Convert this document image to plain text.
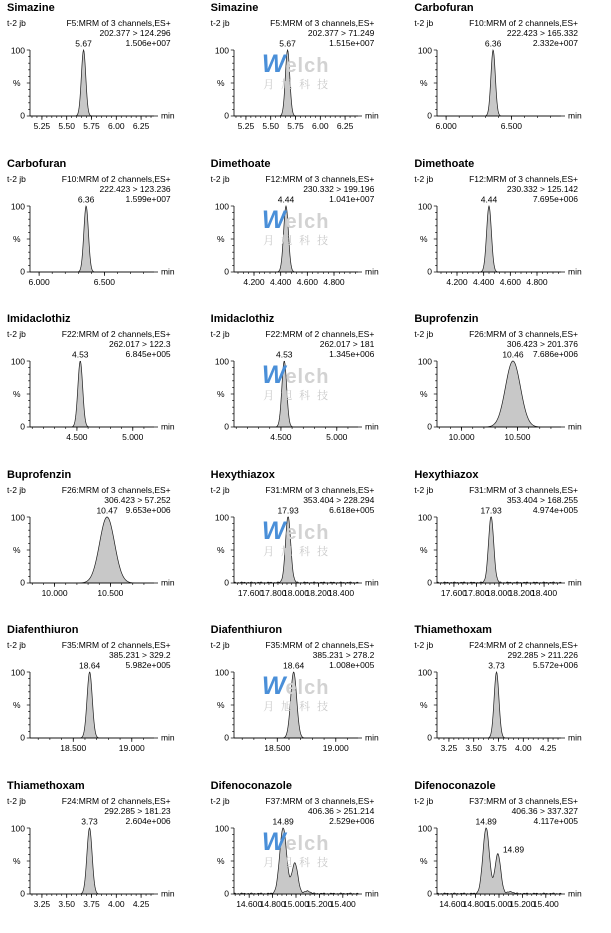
Simazine
t-2 jb	F5:MRM of 3 channels,ES+
202.377 > 124.296
1.506e+007
100
0
%
5.25 5.50 5.75 6.00 6.25
min
5.67
Simazine
t-2 jb	F5:MRM of 3 channels,ES+
202.377 > 71.249
1.515e+007
100
0
%
5.25 5.50 5.75 6.00 6.25
min
5.67
Welch
月旭科技
Carbofuran
t-2 jb	F10:MRM of 2 channels,ES+
222.423 > 165.332
2.332e+007
100
0
%
6.000	6.500
min
6.36
Carbofuran
t-2 jb	F10:MRM of 2 channels,ES+
222.423 > 123.236
1.599e+007
100
0
%
6.000	6.500
min
6.36
Dimethoate
t-2 jb	F12:MRM of 3 channels,ES+
230.332 > 199.196
1.041e+007
100
0
%
4.200 4.400 4.600 4.800
min
4.44
Welch
月旭科技
Dimethoate
t-2 jb	F12:MRM of 3 channels,ES+
230.332 > 125.142
7.695e+006
100
0
%
4.200 4.400 4.600 4.800
min
4.44
Imidaclothiz
t-2 jb	F22:MRM of 2 channels,ES+
262.017 > 122.3
6.845e+005
100
0
%
4.500	5.000
min
4.53
Imidaclothiz
t-2 jb	F22:MRM of 2 channels,ES+
262.017 > 181
1.345e+006
100
0
%
4.500	5.000
min
4.53
Welch
月旭科技
Buprofenzin
t-2 jb	F26:MRM of 3 channels,ES+
306.423 > 201.376
7.686e+006
100
0
%
10.000	10.500
min
10.46
Buprofenzin
t-2 jb	F26:MRM of 3 channels,ES+
306.423 > 57.252
9.653e+006
100
0
%
10.000	10.500
min
10.47
Hexythiazox
t-2 jb	F31:MRM of 3 channels,ES+
353.404 > 228.294
6.618e+005
100
0
%
17.600
17.800
18.000
18.200
18.400
min
17.93
Welch
月旭科技
Hexythiazox
t-2 jb	F31:MRM of 3 channels,ES+
353.404 > 168.255
4.974e+005
100
0
%
17.600
17.800
18.000
18.200
18.400
min
17.93
Diafenthiuron
t-2 jb	F35:MRM of 2 channels,ES+
385.231 > 329.2
5.982e+005
100
0
%
18.500	19.000
min
18.64
Diafenthiuron
t-2 jb	F35:MRM of 2 channels,ES+
385.231 > 278.2
1.008e+005
100
0
%
18.500	19.000
min
18.64
Welch
月旭科技
Thiamethoxam
t-2 jb	F24:MRM of 2 channels,ES+
292.285 > 211.226
5.572e+006
100
0
%
3.25 3.50 3.75 4.00 4.25
min
3.73
Thiamethoxam
t-2 jb	F24:MRM of 2 channels,ES+
292.285 > 181.23
2.604e+006
100
0
%
3.25 3.50 3.75 4.00 4.25
min
3.73
Difenoconazole
t-2 jb	F37:MRM of 3 channels,ES+
406.36 > 251.214
2.529e+006
100
0
%
14.600
14.800
15.000
15.200
15.400
min
14.89
Welch
月旭科技
Difenoconazole
t-2 jb	F37:MRM of 3 channels,ES+
406.36 > 337.327
4.117e+005
100
0
%
14.600
14.800
15.000
15.200
15.400
min
14.89
14.89
